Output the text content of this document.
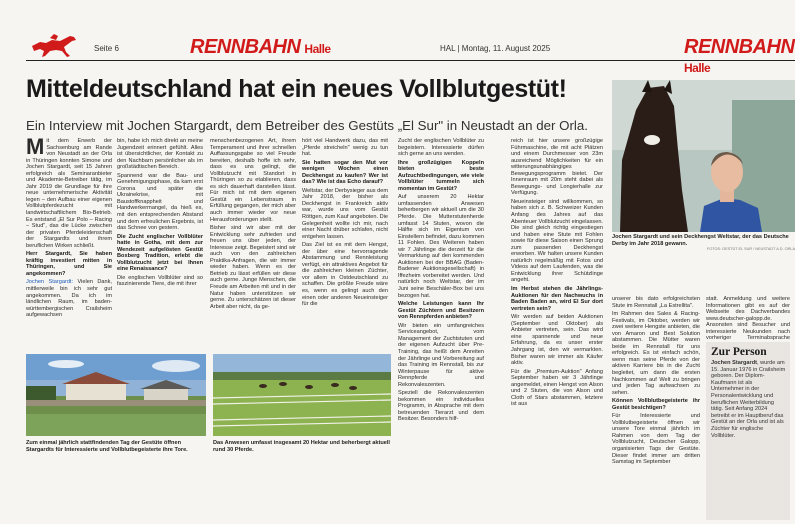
Seite 6	RENNBAHN Halle	HAL | Montag, 11. August 2025	RENNBAHN Halle
Mitteldeutschland hat ein neues Vollblutgestüt!
Ein Interview mit Jochen Stargardt, dem Betreiber des Gestüts „El Sur" in Neustadt an der Orla.

Mit dem Erwerb der Sachsenburg am Rande von Neustadt an der Orla in Thüringen konnten Simone und Jochen Stargardt, seit 15 Jahren erfolgreich als Seminaranbieter und Akademie-Betreiber tätig, im Jahr 2019 die Grundlage für ihre neue unternehmerische Aktivität legen – den Aufbau einer eigenen Vollblutpferdezucht mit landwirtschaftlichem Bio-Betrieb. Es entstand „El Sur Polo – Racing – Stud", das die Lücke zwischen der privaten Pferdeleidenschaft der Stargardts und ihrem beruflichen Wirken schließt.

Herr Stargardt, Sie haben kräftig investiert mitten in Thüringen, und Sie angekommen?

Jochen Stargardt: Vielen Dank, mittlerweile bin ich sehr gut angekommen. Da ich im ländlichen Raum, im baden-württembergischen Crailsheim aufgewachsen

bin, habe ich mich direkt an meine Jugendzeit erinnert gefühlt. Alles ist übersichtlicher, der Kontakt zu den Nachbarn persönlicher als im großstädtischen Bereich.

Spannend war die Bau- und Genehmigungsphase, da kam erst Corona und später die Ukrainekrise, mit Baustoffknappheit und Handwerkermangel, da hieß es, mit den entsprechenden Abstand und dem erfreulichen Ergebnis, ist das Schnee von gestern.

Die Zucht englischer Vollblüter hatte in Gotha, mit dem zur Wendezeit aufgelösten Gestüt Boxberg Tradition, erlebt die Vollblutzucht jetzt bei Ihnen eine Renaissance?

Die englischen Vollblüter sind so faszinierende Tiere, die mit ihrer

menschenbezogenen Art, ihrem Temperament und ihrer schnellen Auffassungsgabe so viel Freude bereiten, deshalb hoffe ich sehr, dass es uns gelingt, die Vollblutzucht mit Standort in Thüringen so zu etablieren, dass es sich dauerhaft darstellen lässt. Für mich ist mit dem eigenen Gestüt ein Lebenstraum in Erfüllung gegangen, der mich aber auch immer wieder vor neue Herausforderungen stellt.

Bisher sind wir aber mit der Entwicklung sehr zufrieden und freuen uns über jeden, der Interesse zeigt. Begeistert sind wir auch von den zahlreichen Praktika-Anfragen, die wir immer wieder haben. Wenn es der Betrieb zu lässt erfüllen wir diese auch gerne. Junge Menschen, die Freude am Arbeiten mit und in der Natur haben unterstützen wir gerne. Zu unterschätzen ist dieser Arbeit aber nicht, da ge-

hört viel Handwerk dazu, das mit „Pferde streicheln" wenig zu tun hat.

Sie hatten sogar den Mut vor wenigen Wochen einen Deckhengst zu kaufen? Wer ist das? Wie ist das Echo darauf?

Weltstar, der Derbysieger aus dem Jahr 2018, der bisher als Deckhengst in Frankreich aktiv war, wurde uns vom Gestüt Röttgen, zum Kauf angeboten. Die Gelegenheit wollte ich mir, nach einer Nacht drüber schlafen, nicht entgehen lassen.

Das Ziel ist es mit dem Hengst, der über eine hervorragende Abstammung und Rennleistung verfügt, ein attraktives Angebot für die zahlreichen kleinen Züchter, vor allem in Ostdeutschland zu schaffen. Die größte Freude wäre es, wenn es gelingt auch den einen oder anderen Neueinsteiger für die

Zucht der englischen Vollblüter zu begeistern. Interessierte dürfen sich gerne an uns wenden.

Ihre großzügigen Koppeln bieten beste Aufzuchtbedingungen, wie viele Vollblüter tummeln sich momentan im Gestüt?

Auf unserem 20 Hektar umfassenden Anwesen beherbergen wir aktuell um die 30 Pferde. Die Mutterstutenherde umfasst 14 Stuten, wovon die Hälfte sich im Eigentum von Einstellern befindet, dazu kommen 11 Fohlen. Des Weiteren haben wir 7 Jährlinge die derzeit für die Vermarktung auf den kommenden Auktionen bei der BBAG (Baden-Badener Auktionsgesellschaft) in Iffezheim vorbereitet werden. Und natürlich noch Weltstar, der im Juni seine Beschäler-Box bei uns bezogen hat.

Welche Leistungen kann Ihr Gestüt Züchtern und Besitzern von Rennpferden anbieten?

Wir bieten ein umfangreiches Serviceangebot, vom Management der Zuchtstuten und der eigenen Aufzucht über Pre-Training, das heißt dem Anreiten der Jährlinge und Vorbereitung auf das Training im Rennstall, bis zur Winterpause für aktive Rennpferde und Rekonvaleszenten.

Speziell die Rekonvaleszenten bekommen ein individuelles Programm, in Absprache mit dem betreuenden Tierarzt und dem Besitzer. Besonders hilf-

reich ist hier unsere großzügige Führmaschine, die mit acht Plätzen und einem Durchmesser von 23m ausreichend Möglichkeiten für ein witterungsunabhängiges Bewegungsprogramm bietet. Der Innenraum mit 20m steht dabei als Bewegungs- und Longierhalle zur Verfügung.

Neueinsteiger sind willkommen, so haben sich z. B. Schweizer Kunden Anfang des Jahres auf das Abenteuer Vollblutzucht eingelassen. Die sind gleich richtig eingestiegen und haben eine Stute mit Fohlen sowie für diese Saison einen Sprung zum passenden Deckhengst erworben. Wir halten unsere Kunden natürlich regelmäßig mit Fotos und Videos auf dem Laufenden, was die Entwicklung ihrer Schützlinge angeht.

Im Herbst stehen die Jährlings-Auktionen für den Nachwuchs in Baden Baden an, wird El Sur dort vertreten sein?

Wir werden auf beiden Auktionen (September und Oktober) als Anbieter vertreten, sein. Das wird eine spannende und neue Erfahrung, da es unser erster Jahrgang ist, den wir vermarkten. Bisher waren wir immer als Käufer aktiv.

Für die „Premium-Auktion" Anfang September haben wir 3 Jährlinge angemeldet, einen Hengst von Alson und 2 Stuten, die von Alson und Cloth of Stars abstammen, letztere ist aus

unserer bis dato erfolgreichsten Stute im Rennstall „La Estrellita".

Im Rahmen des Sales & Racing-Festivals, im Oktober, werden wir zwei weitere Hengste anbieten, die von Amaron und Best Solution abstammen. Die Mütter waren beide im Rennstall für uns erfolgreich. Es ist einfach schön, wenn man seine Pferde von der aktiven Karriere bis in die Zucht begleitet, um dann die ersten Nachkommen auf Welt zu bringen und jeden Tag aufwachsen zu sehen.

Können Vollblutbegeisterte ihr Gestüt besichtigen?

Für Interessierte und Vollblutbegeisterte öffnen wir unsere Tore einmal jährlich im Rahmen von dem Tag der Vollblutzucht, Deutscher Galopp, organisierten Tags der Gestüte. Dieser findet immer am dritten Samstag im September

statt. Anmeldung und weitere Informationen gibt es auf der Webseite des Dachverbandes www.deutscher-galopp.de. Ansonsten sind Besucher und interessierte Neukunden nach vorheriger Terminabsprache

Jochen Stargardt und sein Deckhengst Weltstar, der das Deutsche Derby im Jahr 2018 gewann.
FOTOS: GESTÜT EL SUR / NEUSTADT A.D. ORLA
Zum einmal jährlich stattfindenden Tag der Gestüte öffnen Stargardts für Interessierte und Vollblutbegeisterte ihre Tore.
Das Anwesen umfasst insgesamt 20 Hektar und beherbergt aktuell rund 30 Pferde.
Zur Person
Jochen Stargardt, wurde am 15. Januar 1976 in Crailsheim geboren. Der Diplom-Kaufmann ist als Unternehmer in der Personalentwicklung und beruflichen Weiterbildung tätig. Seit Anfang 2024 betreibt er im Hauptberuf das Gestüt an der Orla und ist als Züchter für englische Vollblüter.
